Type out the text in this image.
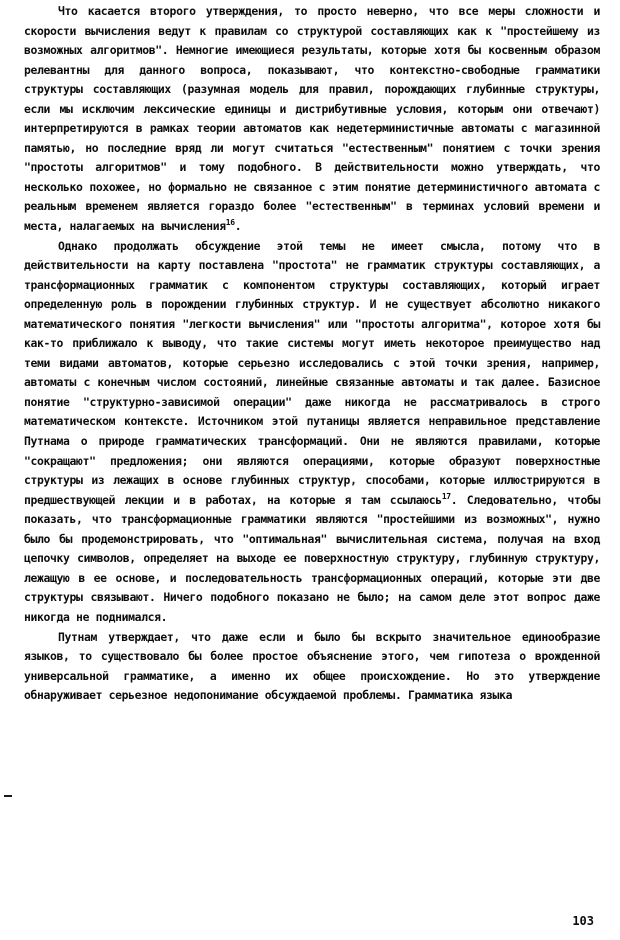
Что касается второго утверждения, то просто неверно, что все меры сложности и скорости вычисления ведут к правилам со структурой составляющих как к "простейшему из возможных алгоритмов". Немногие имеющиеся результаты, которые хотя бы косвенным образом релевантны для данного вопроса, показывают, что контекстно-свободные грамматики структуры составляющих (разумная модель для правил, порождающих глубинные структуры, если мы исключим лексические единицы и дистрибутивные условия, которым они отвечают) интерпретируются в рамках теории автоматов как недетерминистичные автоматы с магазинной памятью, но последние вряд ли могут считаться "естественным" понятием с точки зрения "простоты алгоритмов" и тому подобного. В действительности можно утверждать, что несколько похожее, но формально не связанное с этим понятие детерминистичного автомата с реальным временем является гораздо более "естественным" в терминах условий времени и места, налагаемых на вычисления$^{16}$.

Однако продолжать обсуждение этой темы не имеет смысла, потому что в действительности на карту поставлена "простота" не грамматик структуры составляющих, а трансформационных грамматик с компонентом структуры составляющих, который играет определенную роль в порождении глубинных структур. И не существует абсолютно никакого математического понятия "легкости вычисления" или "простоты алгоритма", которое хотя бы как-то приближало к выводу, что такие системы могут иметь некоторое преимущество над теми видами автоматов, которые серьезно исследовались с этой точки зрения, например, автоматы с конечным числом состояний, линейные связанные автоматы и так далее. Базисное понятие "структурно-зависимой операции" даже никогда не рассматривалось в строго математическом контексте. Источником этой путаницы является неправильное представление Путнама о природе грамматических трансформаций. Они не являются правилами, которые "сокращают" предложения; они являются операциями, которые образуют поверхностные структуры из лежащих в основе глубинных структур, способами, которые иллюстрируются в предшествующей лекции и в работах, на которые я там ссылаюсь$^{17}$. Следовательно, чтобы показать, что трансформационные грамматики являются "простейшими из возможных", нужно было бы продемонстрировать, что "оптимальная" вычислительная система, получая на вход цепочку символов, определяет на выходе ее поверхностную структуру, глубинную структуру, лежащую в ее основе, и последовательность трансформационных операций, которые эти две структуры связывают. Ничего подобного показано не было; на самом деле этот вопрос даже никогда не поднимался.

Путнам утверждает, что даже если и было бы вскрыто значительное единообразие языков, то существовало бы более простое объяснение этого, чем гипотеза о врожденной универсальной грамматике, а именно их общее происхождение. Но это утверждение обнаруживает серьезное недопонимание обсуждаемой проблемы. Грамматика языка

103
